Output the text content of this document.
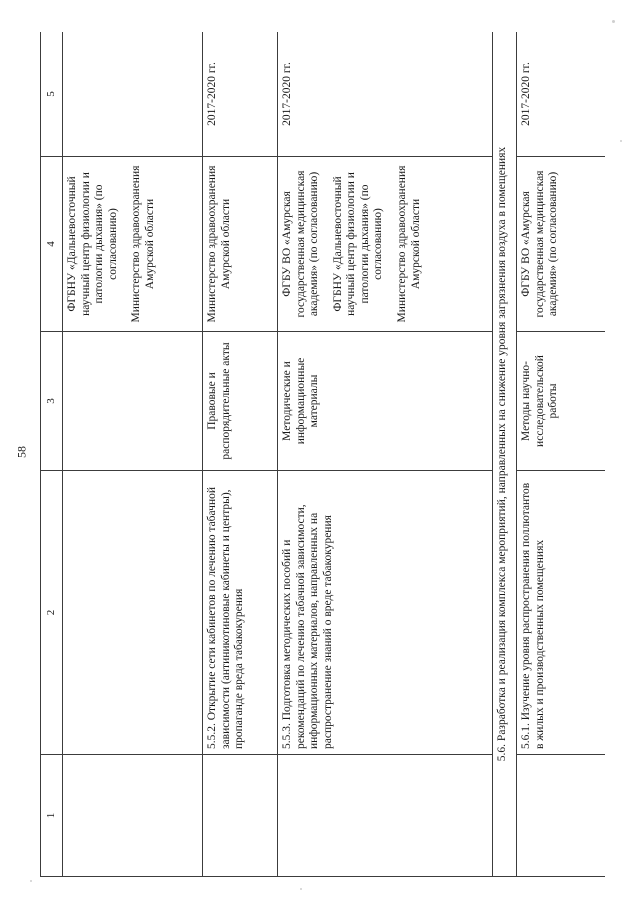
58
1	2	3	4	5

			ФГБНУ «Дальневосточный научный центр физиологии и патологии дыхания» (по согласованию) Министерство здравоохранения Амурской области	

	5.5.2. Открытие сети кабинетов по лечению табачной зависимости (антиникотиновые кабинеты и центры), пропаганде вреда табакокурения	Правовые и распорядительные акты	Министерство здравоохранения Амурской области	2017-2020 гг.
	5.5.3. Подготовка методических пособий и рекомендаций по лечению табачной зависимости, информационных материалов, направленных на распространение знаний о вреде табакокурения	Методические и информационные материалы	ФГБУ ВО «Амурская государственная медицинская академия» (по согласованию) ФГБНУ «Дальневосточный научный центр физиологии и патологии дыхания» (по согласованию) Министерство здравоохранения Амурской области	2017-2020 гг.
5.6. Разработка и реализация комплекса мероприятий, направленных на снижение уровня загрязнения воздуха в помещениях				
	5.6.1. Изучение уровня распространения поллютантов в жилых и производственных помещениях	Методы научно-исследовательской работы	ФГБУ ВО «Амурская государственная медицинская академия» (по согласованию)	2017-2020 гг.
